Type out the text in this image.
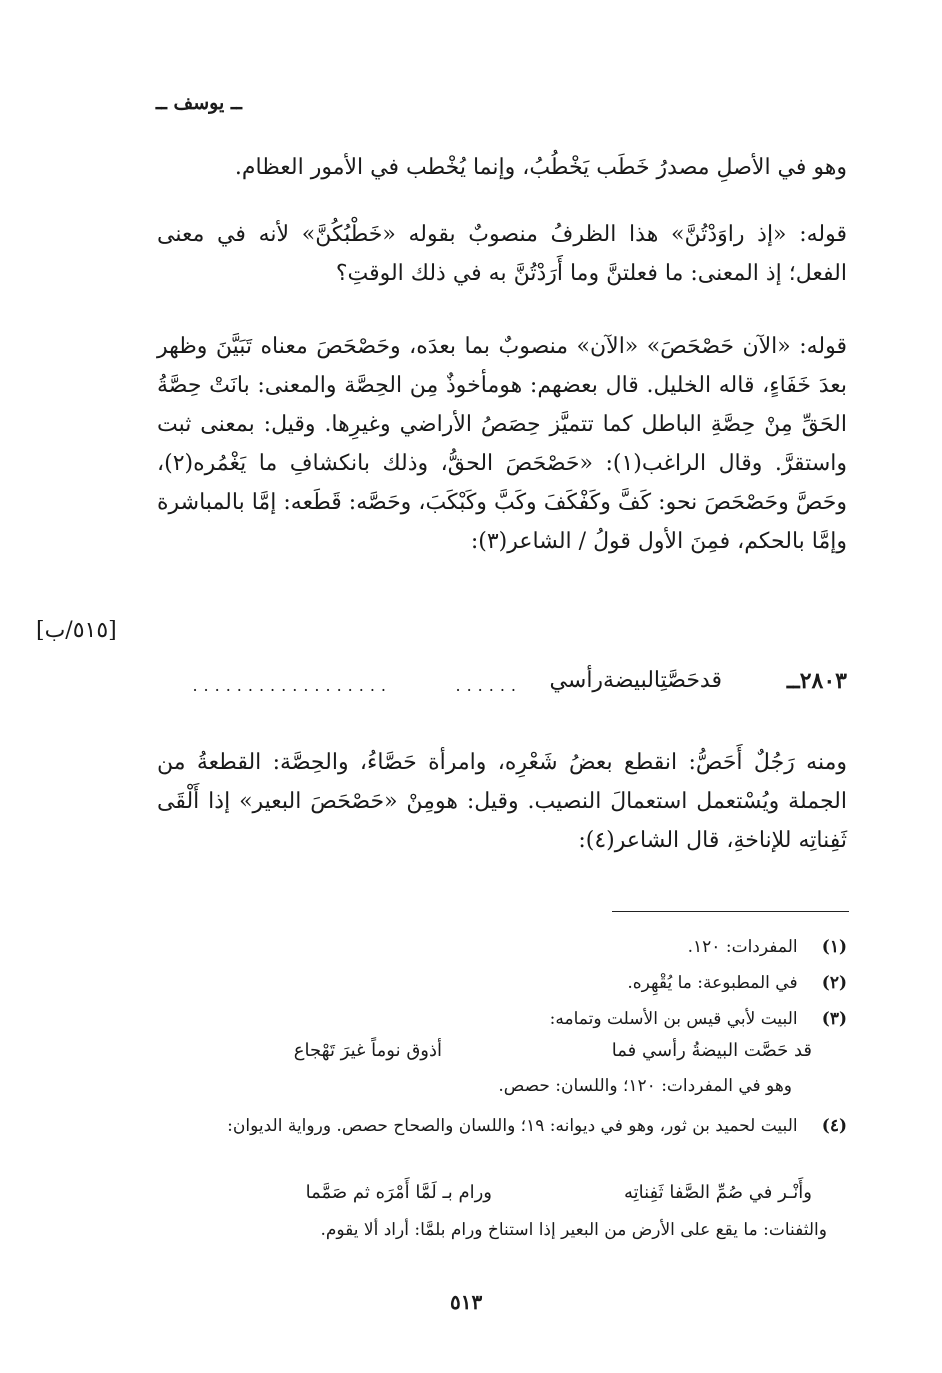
ــ يوسف ــ
وهو في الأصلِ مصدرُ خَطَب يَخْطُبُ، وإنما يُخْطب في الأمور العظام.
قوله: «إذ راوَدْتُنَّ» هذا الظرفُ منصوبٌ بقوله «خَطْبُكُنَّ» لأنه في معنى الفعل؛ إذ المعنى: ما فعلتنَّ وما أَرَدْتُنَّ به في ذلك الوقتِ؟
قوله: «الآن حَصْحَصَ» «الآن» منصوبٌ بما بعدَه، وحَصْحَصَ معناه تَبَيَّنَ وظهر بعدَ خَفَاءٍ، قاله الخليل. قال بعضهم: هومأخوذٌ مِن الحِصَّة والمعنى: بانَتْ حِصَّةُ الحَقِّ مِنْ حِصَّةِ الباطل كما تتميَّز حِصَصُ الأراضي وغيرِها. وقيل: بمعنى ثبت واستقرَّ. وقال الراغب(١): «حَصْحَصَ الحقُّ، وذلك بانكشافِ ما يَغْمُره(٢)، وحَصَّ وحَصْحَصَ نحو: كَفَّ وكَفْكَفَ وكَبَّ وكَبْكَبَ، وحَصَّه: قَطَعه: إمَّا بالمباشرة وإمَّا بالحكم، فمِنَ الأول قولُ / الشاعر(٣):
[٥١٥/ب]
٢٨٠٣ــ
قدحَصَّتِالبيضةرأسي
......
..................
ومنه رَجُلٌ أَحَصُّ: انقطع بعضُ شَعْرِه، وامرأة حَصَّاءُ، والحِصَّة: القطعةُ من الجملة ويُسْتعمل استعمالَ النصيب. وقيل: هومِنْ «حَصْحَصَ البعير» إذا أَلْقَى ثَفِناتِه للإناخةِ، قال الشاعر(٤):
(١) المفردات: ١٢٠.
(٢) في المطبوعة: ما يُقْهِره.
(٣) البيت لأبي قيس بن الأسلت وتمامه:
قد حَصَّت البيضةُ رأسي فما
أذوق نوماً غيرَ تَهْجاع
وهو في المفردات: ١٢٠؛ واللسان: حصص.
(٤) البيت لحميد بن ثور، وهو في ديوانه: ١٩؛ واللسان والصحاح حصص. ورواية الديوان:
وأَنْـر في صُمِّ الصَّفا ثَفِناتِه
ورام بـ لَمَّا أَمْرَه ثم صَمَّما
والثفنات: ما يقع على الأرض من البعير إذا استناخ ورام بلمَّا: أراد ألا يقوم.
٥١٣
